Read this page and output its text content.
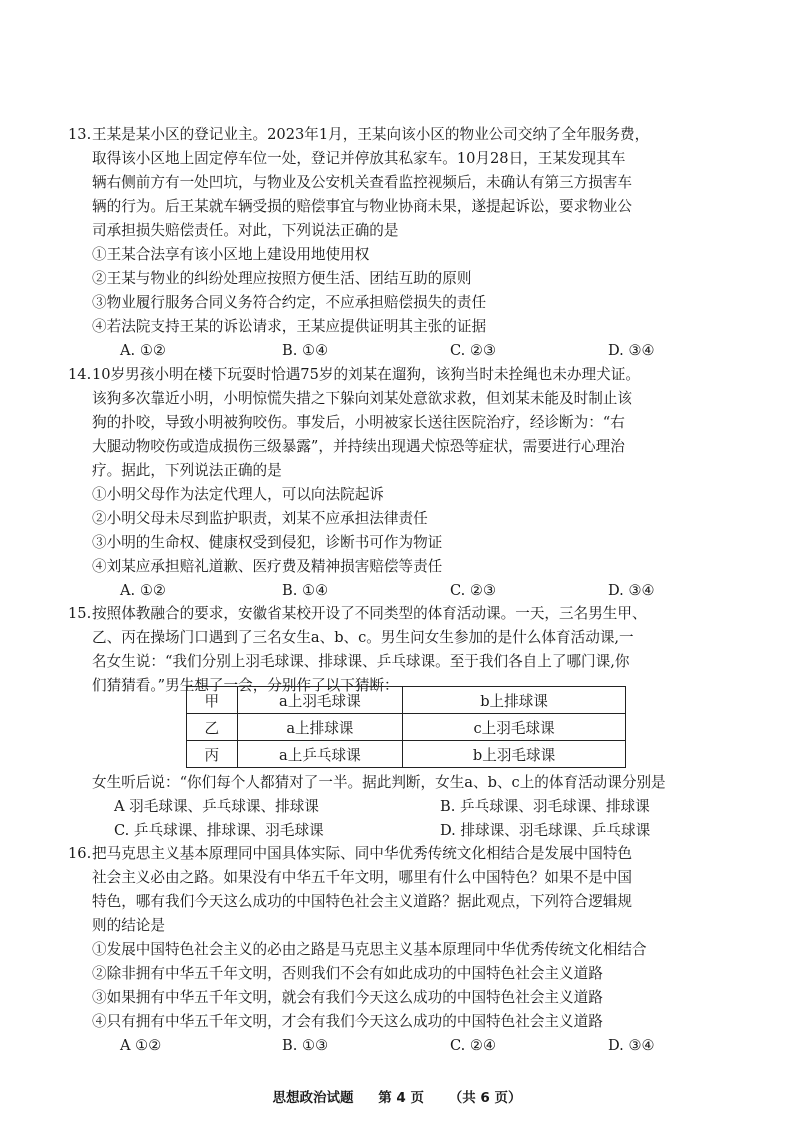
13. 王某是某小区的登记业主。2023年1月，王某向该小区的物业公司交纳了全年服务费，
取得该小区地上固定停车位一处，登记并停放其私家车。10月28日，王某发现其车
辆右侧前方有一处凹坑，与物业及公安机关查看监控视频后，未确认有第三方损害车
辆的行为。后王某就车辆受损的赔偿事宜与物业协商未果，遂提起诉讼，要求物业公
司承担损失赔偿责任。对此，下列说法正确的是
①王某合法享有该小区地上建设用地使用权
②王某与物业的纠纷处理应按照方便生活、团结互助的原则
③物业履行服务合同义务符合约定，不应承担赔偿损失的责任
④若法院支持王某的诉讼请求，王某应提供证明其主张的证据
A. ①②	B. ①④	C. ②③	D. ③④
14. 10岁男孩小明在楼下玩耍时恰遇75岁的刘某在遛狗，该狗当时未拴绳也未办理犬证。
该狗多次靠近小明，小明惊慌失措之下躲向刘某处意欲求救，但刘某未能及时制止该
狗的扑咬，导致小明被狗咬伤。事发后，小明被家长送往医院治疗，经诊断为：“右
大腿动物咬伤或造成损伤三级暴露”，并持续出现遇犬惊恐等症状，需要进行心理治
疗。据此，下列说法正确的是
①小明父母作为法定代理人，可以向法院起诉
②小明父母未尽到监护职责，刘某不应承担法律责任
③小明的生命权、健康权受到侵犯，诊断书可作为物证
④刘某应承担赔礼道歉、医疗费及精神损害赔偿等责任
A. ①②	B. ①④	C. ②③	D. ③④
15. 按照体教融合的要求，安徽省某校开设了不同类型的体育活动课。一天，三名男生甲、
乙、丙在操场门口遇到了三名女生a、b、c。男生问女生参加的是什么体育活动课,一
名女生说：“我们分别上羽毛球课、排球课、乒乓球课。至于我们各自上了哪门课,你
们猜猜看。”男生想了一会，分别作了以下猜断：
甲	a上羽毛球课	b上排球课
乙	a上排球课	c上羽毛球课
丙	a上乒乓球课	b上羽毛球课
女生听后说：“你们每个人都猜对了一半。据此判断，女生a、b、c上的体育活动课分别是
A 羽毛球课、乒乓球课、排球课	B. 乒乓球课、羽毛球课、排球课
C. 乒乓球课、排球课、羽毛球课	D. 排球课、羽毛球课、乒乓球课
16. 把马克思主义基本原理同中国具体实际、同中华优秀传统文化相结合是发展中国特色
社会主义必由之路。如果没有中华五千年文明，哪里有什么中国特色？如果不是中国
特色，哪有我们今天这么成功的中国特色社会主义道路？据此观点，下列符合逻辑规
则的结论是
①发展中国特色社会主义的必由之路是马克思主义基本原理同中华优秀传统文化相结合
②除非拥有中华五千年文明，否则我们不会有如此成功的中国特色社会主义道路
③如果拥有中华五千年文明，就会有我们今天这么成功的中国特色社会主义道路
④只有拥有中华五千年文明，才会有我们今天这么成功的中国特色社会主义道路
A ①②	B. ①③	C. ②④	D. ③④
思想政治试题 第 4 页 （共 6 页）
